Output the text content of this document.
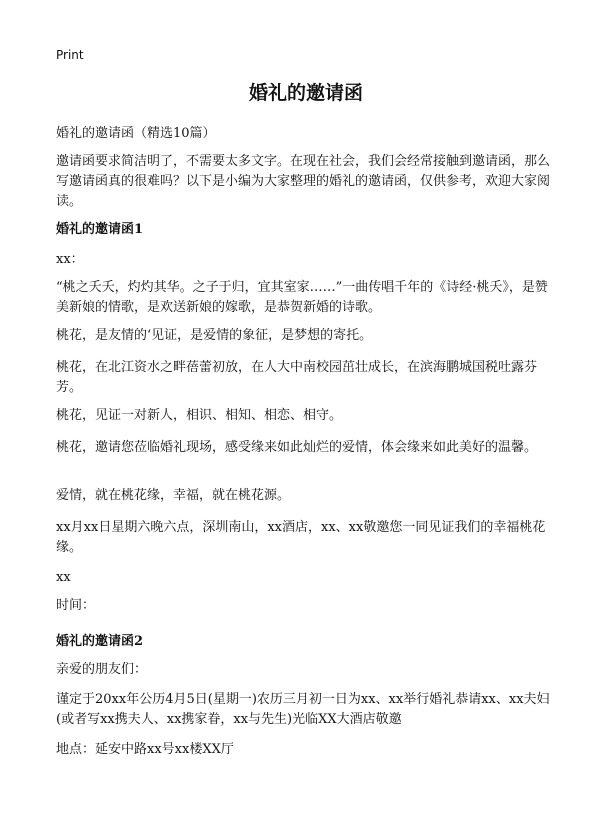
Print
婚礼的邀请函
婚礼的邀请函（精选10篇）

邀请函要求简洁明了，不需要太多文字。在现在社会，我们会经常接触到邀请函，那么写邀请函真的很难吗？以下是小编为大家整理的婚礼的邀请函，仅供参考，欢迎大家阅读。

婚礼的邀请函1

xx：

“桃之夭夭，灼灼其华。之子于归，宜其室家……”一曲传唱千年的《诗经·桃夭》，是赞美新娘的情歌，是欢送新娘的嫁歌，是恭贺新婚的诗歌。

桃花，是友情的‘见证，是爱情的象征，是梦想的寄托。

桃花，在北江资水之畔蓓蕾初放，在人大中南校园茁壮成长，在滨海鹏城国税吐露芬芳。

桃花，见证一对新人，相识、相知、相恋、相守。

桃花，邀请您莅临婚礼现场，感受缘来如此灿烂的爱情，体会缘来如此美好的温馨。

爱情，就在桃花缘，幸福，就在桃花源。

xx月xx日星期六晚六点，深圳南山，xx酒店，xx、xx敬邀您一同见证我们的幸福桃花缘。

xx

时间：

婚礼的邀请函2

亲爱的朋友们：

谨定于20xx年公历4月5日(星期一)农历三月初一日为xx、xx举行婚礼恭请xx、xx夫妇(或者写xx携夫人、xx携家眷，xx与先生)光临XX大酒店敬邀

地点：延安中路xx号xx楼XX厅
